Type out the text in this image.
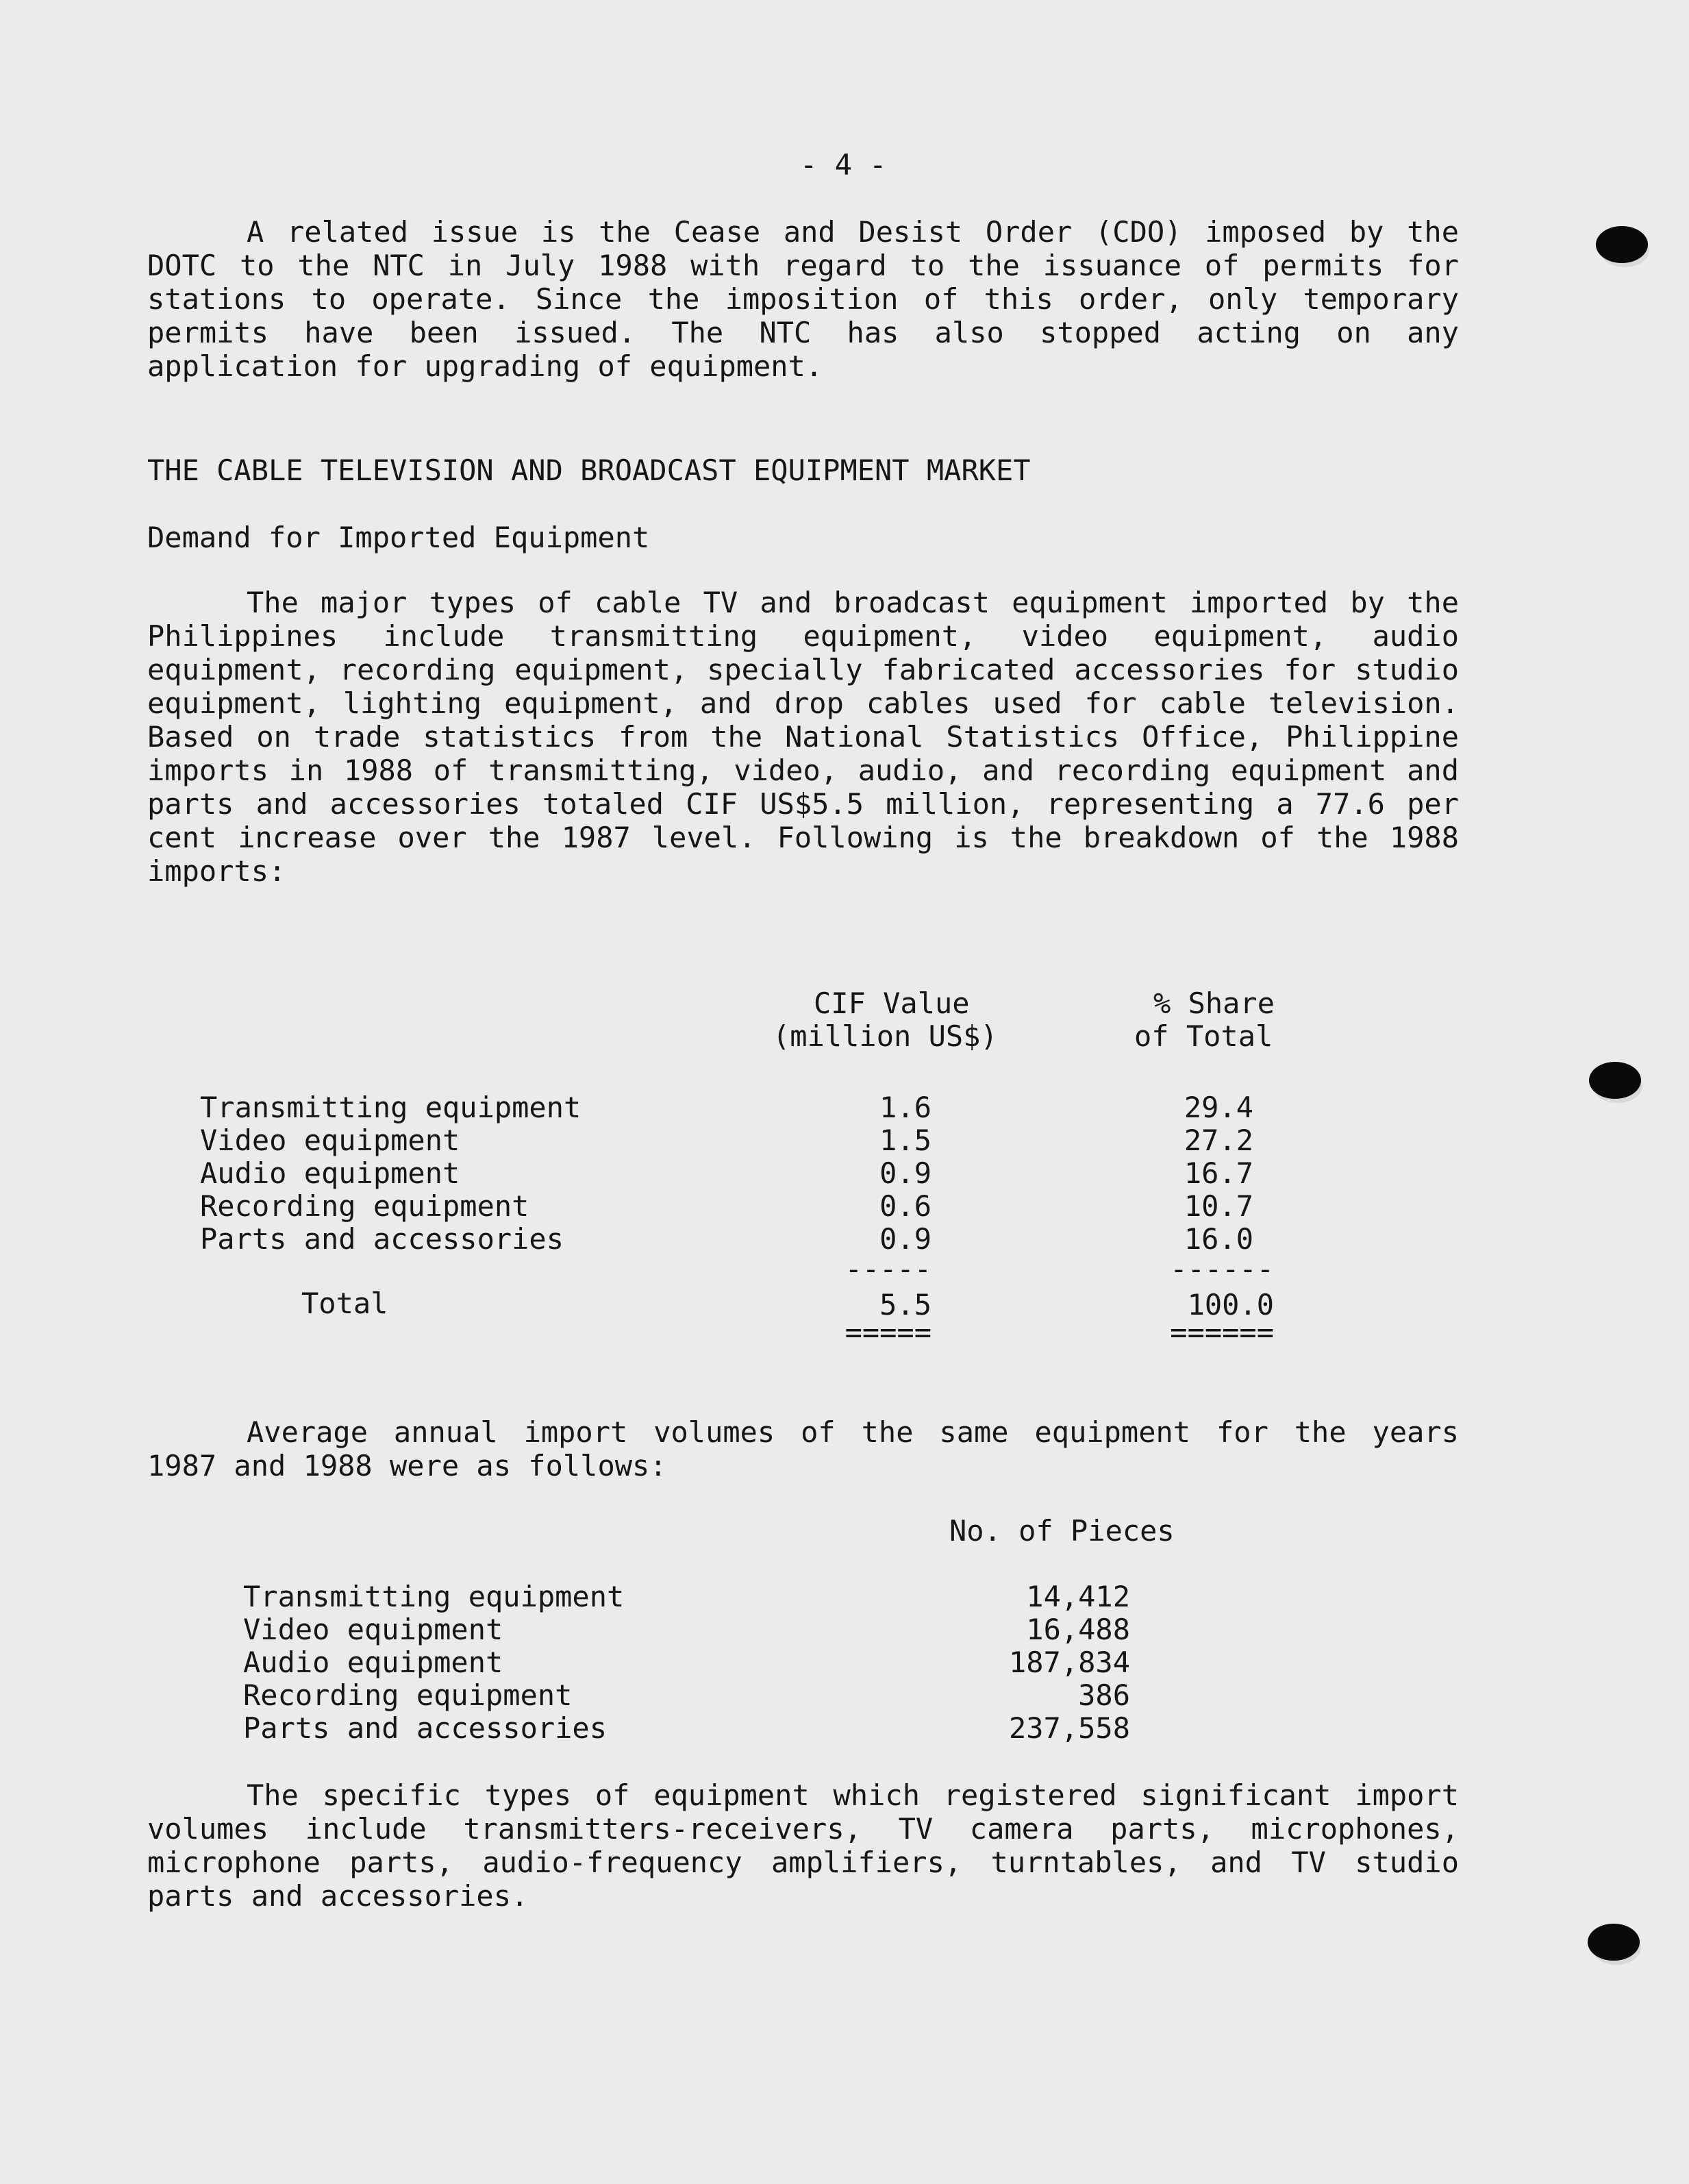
- 4 -

A related issue is the Cease and Desist Order (CDO) imposed by the DOTC to the NTC in July 1988 with regard to the issuance of permits for stations to operate. Since the imposition of this order, only temporary permits have been issued. The NTC has also stopped acting on any application for upgrading of equipment.

THE CABLE TELEVISION AND BROADCAST EQUIPMENT MARKET
Demand for Imported Equipment

The major types of cable TV and broadcast equipment imported by the Philippines include transmitting equipment, video equipment, audio equipment, recording equipment, specially fabricated accessories for studio equipment, lighting equipment, and drop cables used for cable television. Based on trade statistics from the National Statistics Office, Philippine imports in 1988 of transmitting, video, audio, and recording equipment and parts and accessories totaled CIF US$5.5 million, representing a 77.6 per cent increase over the 1987 level. Following is the breakdown of the 1988 imports:

CIF Value
(million US$)
% Share
of Total
Transmitting equipment	1.6	29.4
Video equipment	1.5	27.2
Audio equipment	0.9	16.7
Recording equipment	0.6	10.7
Parts and accessories	0.9	16.0
-----	------
Total	5.5	100.0
=====	======

Average annual import volumes of the same equipment for the years 1987 and 1988 were as follows:

No. of Pieces
Transmitting equipment	14,412
Video equipment	16,488
Audio equipment	187,834
Recording equipment	386
Parts and accessories	237,558

The specific types of equipment which registered significant import volumes include transmitters-receivers, TV camera parts, microphones, microphone parts, audio-frequency amplifiers, turntables, and TV studio parts and accessories.
